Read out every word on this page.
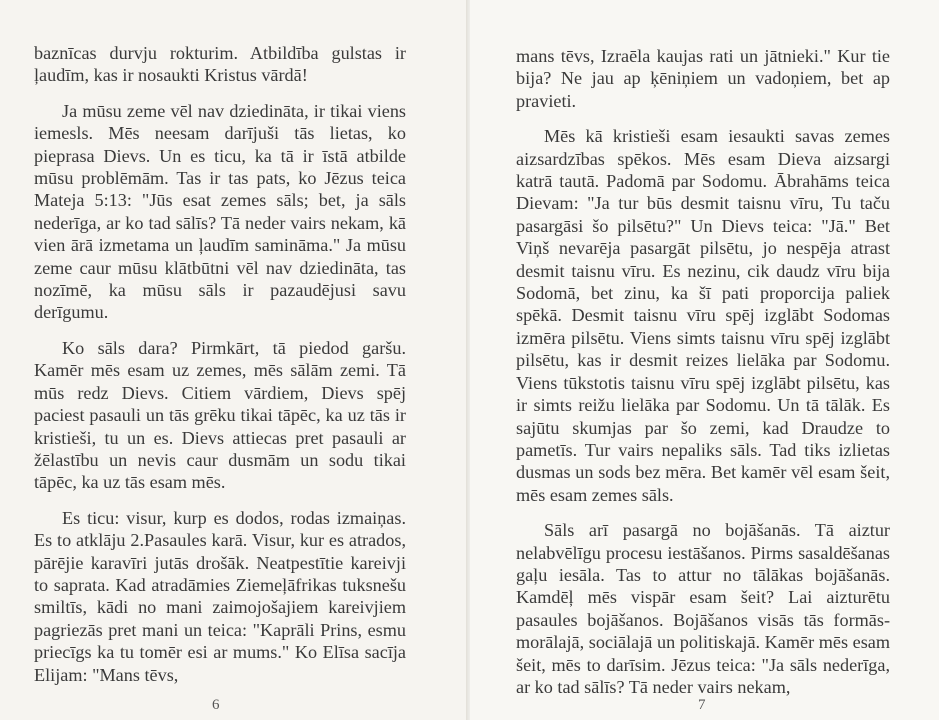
baznīcas durvju rokturim. Atbildība gulstas ir ļaudīm, kas ir nosaukti Kristus vārdā!

Ja mūsu zeme vēl nav dziedināta, ir tikai viens iemesls. Mēs neesam darījuši tās lietas, ko pieprasa Dievs. Un es ticu, ka tā ir īstā atbilde mūsu problēmām. Tas ir tas pats, ko Jēzus teica Mateja 5:13: "Jūs esat zemes sāls; bet, ja sāls nederīga, ar ko tad sālīs? Tā neder vairs nekam, kā vien ārā izmetama un ļaudīm samināma." Ja mūsu zeme caur mūsu klātbūtni vēl nav dziedināta, tas nozīmē, ka mūsu sāls ir pazaudējusi savu derīgumu.

Ko sāls dara? Pirmkārt, tā piedod garšu. Kamēr mēs esam uz zemes, mēs sālām zemi. Tā mūs redz Dievs. Citiem vārdiem, Dievs spēj paciest pasauli un tās grēku tikai tāpēc, ka uz tās ir kristieši, tu un es. Dievs attiecas pret pasauli ar žēlastību un nevis caur dusmām un sodu tikai tāpēc, ka uz tās esam mēs.

Es ticu: visur, kurp es dodos, rodas izmaiņas. Es to atklāju 2.Pasaules karā. Visur, kur es atrados, pārējie karavīri jutās drošāk. Neatpestītie kareivji to saprata. Kad atradāmies Ziemeļāfrikas tuksnešu smiltīs, kādi no mani zaimojošajiem kareivjiem pagriezās pret mani un teica: "Kaprāli Prins, esmu priecīgs ka tu tomēr esi ar mums." Ko Elīsa sacīja Elijam: "Mans tēvs,

6

mans tēvs, Izraēla kaujas rati un jātnieki." Kur tie bija? Ne jau ap ķēniņiem un vadoņiem, bet ap pravieti.

Mēs kā kristieši esam iesaukti savas zemes aizsardzības spēkos. Mēs esam Dieva aizsargi katrā tautā. Padomā par Sodomu. Ābrahāms teica Dievam: "Ja tur būs desmit taisnu vīru, Tu taču pasargāsi šo pilsētu?" Un Dievs teica: "Jā." Bet Viņš nevarēja pasargāt pilsētu, jo nespēja atrast desmit taisnu vīru. Es nezinu, cik daudz vīru bija Sodomā, bet zinu, ka šī pati proporcija paliek spēkā. Desmit taisnu vīru spēj izglābt Sodomas izmēra pilsētu. Viens simts taisnu vīru spēj izglābt pilsētu, kas ir desmit reizes lielāka par Sodomu. Viens tūkstotis taisnu vīru spēj izglābt pilsētu, kas ir simts reižu lielāka par Sodomu. Un tā tālāk. Es sajūtu skumjas par šo zemi, kad Draudze to pametīs. Tur vairs nepaliks sāls. Tad tiks izlietas dusmas un sods bez mēra. Bet kamēr vēl esam šeit, mēs esam zemes sāls.

Sāls arī pasargā no bojāšanās. Tā aiztur nelabvēlīgu procesu iestāšanos. Pirms sasaldēšanas gaļu iesāla. Tas to attur no tālākas bojāšanās. Kamdēļ mēs vispār esam šeit? Lai aizturētu pasaules bojāšanos. Bojāšanos visās tās formās- morālajā, sociālajā un politiskajā. Kamēr mēs esam šeit, mēs to darīsim. Jēzus teica: "Ja sāls nederīga, ar ko tad sālīs? Tā neder vairs nekam,

7
